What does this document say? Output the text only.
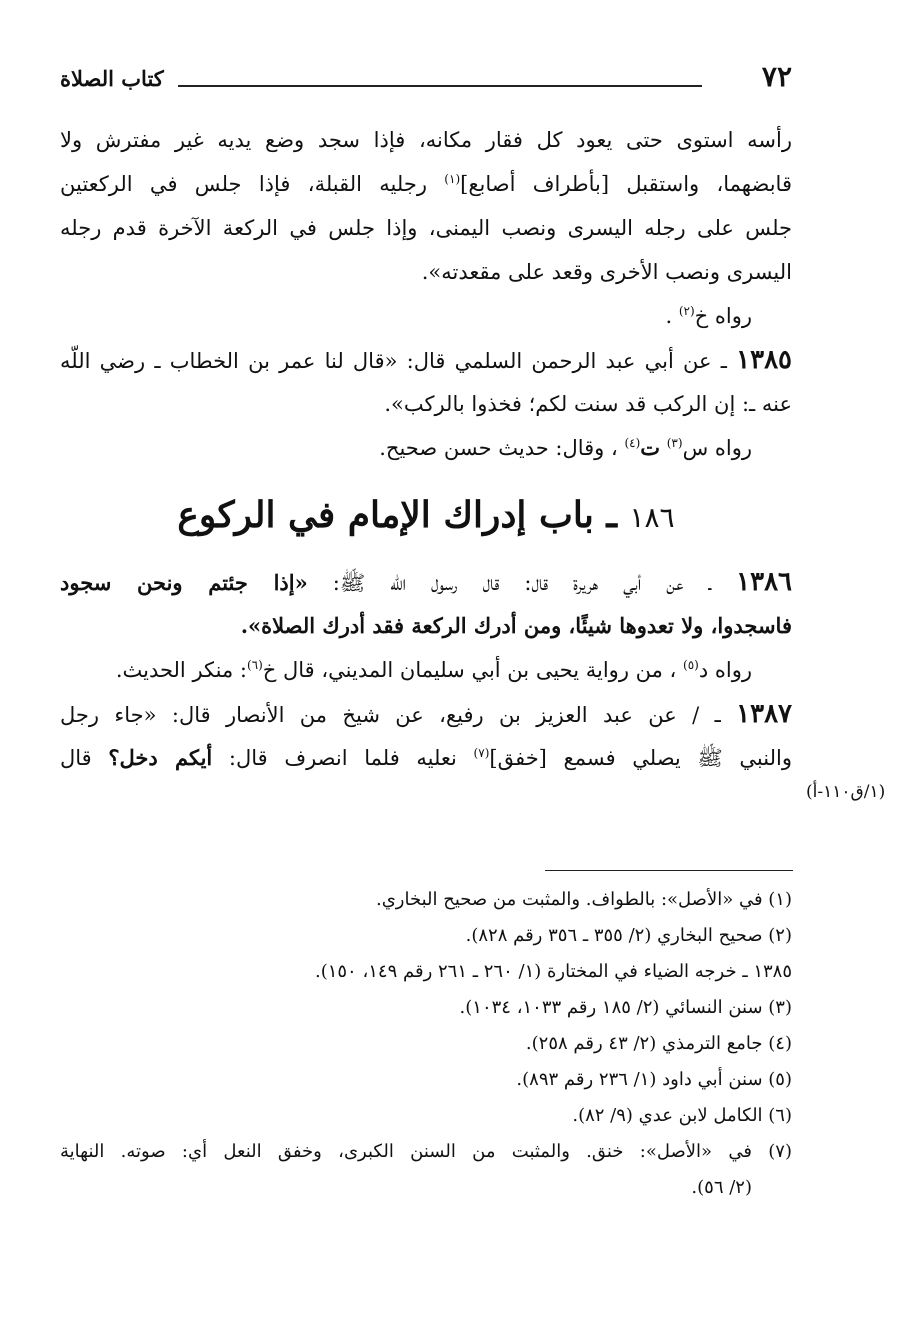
٧٢
كتاب الصلاة
رأسه استوى حتى يعود كل فقار مكانه، فإذا سجد وضع يديه غير مفترش ولا
قابضهما، واستقبل [بأطراف أصابع]$^{(١)}$ رجليه القبلة، فإذا جلس في الركعتين
جلس على رجله اليسرى ونصب اليمنى، وإذا جلس في الركعة الآخرة قدم رجله
اليسرى ونصب الأخرى وقعد على مقعدته».
رواه خ$^{(٢)}$ .
١٣٨٥ ـ عن أبي عبد الرحمن السلمي قال: «قال لنا عمر بن الخطاب ـ رضي اللّه
عنه ـ: إن الركب قد سنت لكم؛ فخذوا بالركب».
رواه س$^{(٣)}$ ت$^{(٤)}$ ، وقال: حديث حسن صحيح.
١٨٦ ـ باب إدراك الإمام في الركوع
١٣٨٦ ـ عن أبي هريرة قال: قال رسول اللّه ﷺ: «إذا جئتم ونحن سجود
فاسجدوا، ولا تعدوها شيئًا، ومن أدرك الركعة فقد أدرك الصلاة».
رواه د$^{(٥)}$ ، من رواية يحيى بن أبي سليمان المديني، قال خ$^{(٦)}$: منكر الحديث.
١٣٨٧ ـ / عن عبد العزيز بن رفيع، عن شيخ من الأنصار قال: «جاء رجل
والنبي ﷺ يصلي فسمع [خفق]$^{(٧)}$ نعليه فلما انصرف قال: أيكم دخل؟ قال
(١/ق١١٠-أ)
(١) في «الأصل»: بالطواف. والمثبت من صحيح البخاري.
(٢) صحيح البخاري (٢/ ٣٥٥ ـ ٣٥٦ رقم ٨٢٨).
١٣٨٥ ـ خرجه الضياء في المختارة (١/ ٢٦٠ ـ ٢٦١ رقم ١٤٩، ١٥٠).
(٣) سنن النسائي (٢/ ١٨٥ رقم ١٠٣٣، ١٠٣٤).
(٤) جامع الترمذي (٢/ ٤٣ رقم ٢٥٨).
(٥) سنن أبي داود (١/ ٢٣٦ رقم ٨٩٣).
(٦) الكامل لابن عدي (٩/ ٨٢).
(٧) في «الأصل»: خنق. والمثبت من السنن الكبرى، وخفق النعل أي: صوته. النهاية
(٢/ ٥٦).
